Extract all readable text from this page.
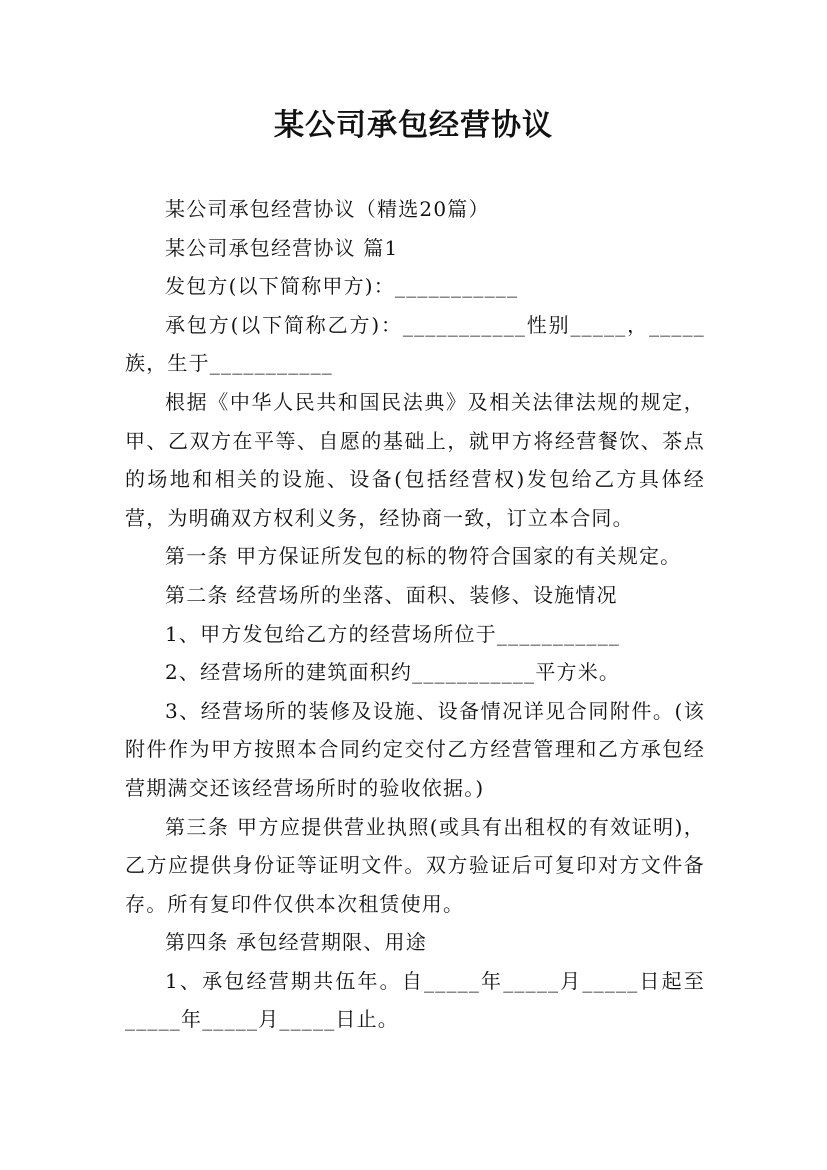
某公司承包经营协议

某公司承包经营协议（精选20篇）

某公司承包经营协议 篇1

发包方(以下简称甲方)：___________

承包方(以下简称乙方)：___________性别_____，_____族，生于___________

根据《中华人民共和国民法典》及相关法律法规的规定，甲、乙双方在平等、自愿的基础上，就甲方将经营餐饮、茶点的场地和相关的设施、设备(包括经营权)发包给乙方具体经营，为明确双方权利义务，经协商一致，订立本合同。

第一条 甲方保证所发包的标的物符合国家的有关规定。

第二条 经营场所的坐落、面积、装修、设施情况

1、甲方发包给乙方的经营场所位于___________

2、经营场所的建筑面积约___________平方米。

3、经营场所的装修及设施、设备情况详见合同附件。(该附件作为甲方按照本合同约定交付乙方经营管理和乙方承包经营期满交还该经营场所时的验收依据。)

第三条 甲方应提供营业执照(或具有出租权的有效证明)，乙方应提供身份证等证明文件。双方验证后可复印对方文件备存。所有复印件仅供本次租赁使用。

第四条 承包经营期限、用途

1、承包经营期共伍年。自_____年_____月_____日起至_____年_____月_____日止。
